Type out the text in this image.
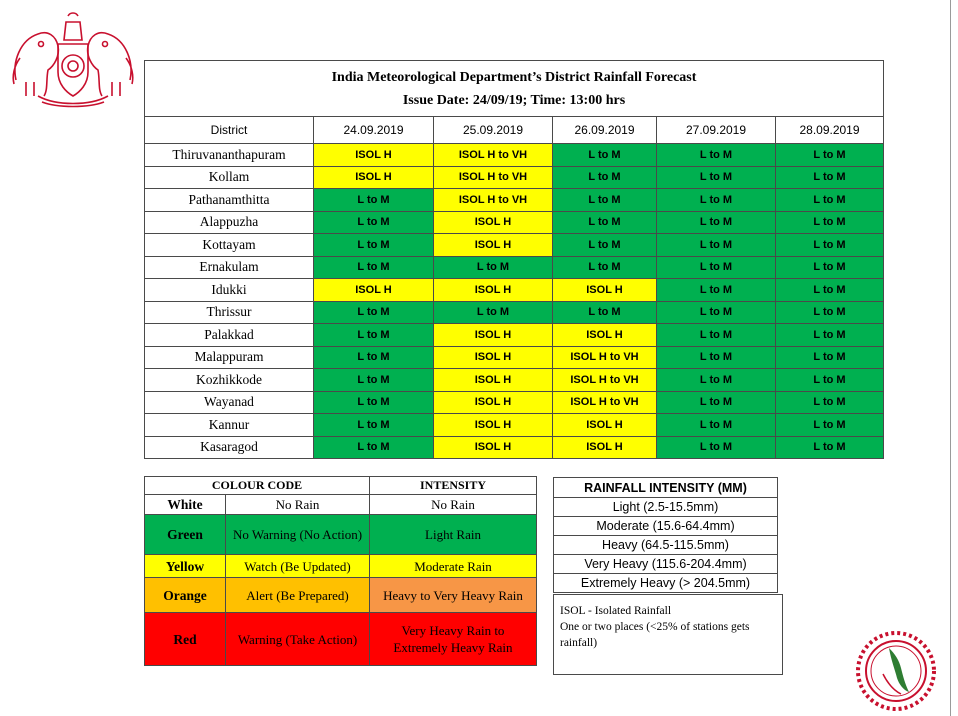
India Meteorological Department’s District Rainfall Forecast
Issue Date: 24/09/19; Time: 13:00 hrs					

District	24.09.2019	25.09.2019	26.09.2019	27.09.2019	28.09.2019
Thiruvananthapuram	ISOL H	ISOL H to VH	L to M	L to M	L to M
Kollam	ISOL H	ISOL H to VH	L to M	L to M	L to M
Pathanamthitta	L to M	ISOL H to VH	L to M	L to M	L to M
Alappuzha	L to M	ISOL H	L to M	L to M	L to M
Kottayam	L to M	ISOL H	L to M	L to M	L to M
Ernakulam	L to M	L to M	L to M	L to M	L to M
Idukki	ISOL H	ISOL H	ISOL H	L to M	L to M
Thrissur	L to M	L to M	L to M	L to M	L to M
Palakkad	L to M	ISOL H	ISOL H	L to M	L to M
Malappuram	L to M	ISOL H	ISOL H to VH	L to M	L to M
Kozhikkode	L to M	ISOL H	ISOL H to VH	L to M	L to M
Wayanad	L to M	ISOL H	ISOL H to VH	L to M	L to M
Kannur	L to M	ISOL H	ISOL H	L to M	L to M
Kasaragod	L to M	ISOL H	ISOL H	L to M	L to M
COLOUR CODE		INTENSITY
White	No Rain	No Rain
Green	No Warning (No Action)	Light Rain
Yellow	Watch (Be Updated)	Moderate Rain
Orange	Alert (Be Prepared)	Heavy to Very Heavy Rain
Red	Warning (Take Action)	Very Heavy Rain to Extremely Heavy Rain
RAINFALL INTENSITY (MM)
Light (2.5-15.5mm)
Moderate (15.6-64.4mm)
Heavy (64.5-115.5mm)
Very Heavy (115.6-204.4mm)
Extremely Heavy (> 204.5mm)
ISOL - Isolated Rainfall
One or two places (<25% of stations gets rainfall)
